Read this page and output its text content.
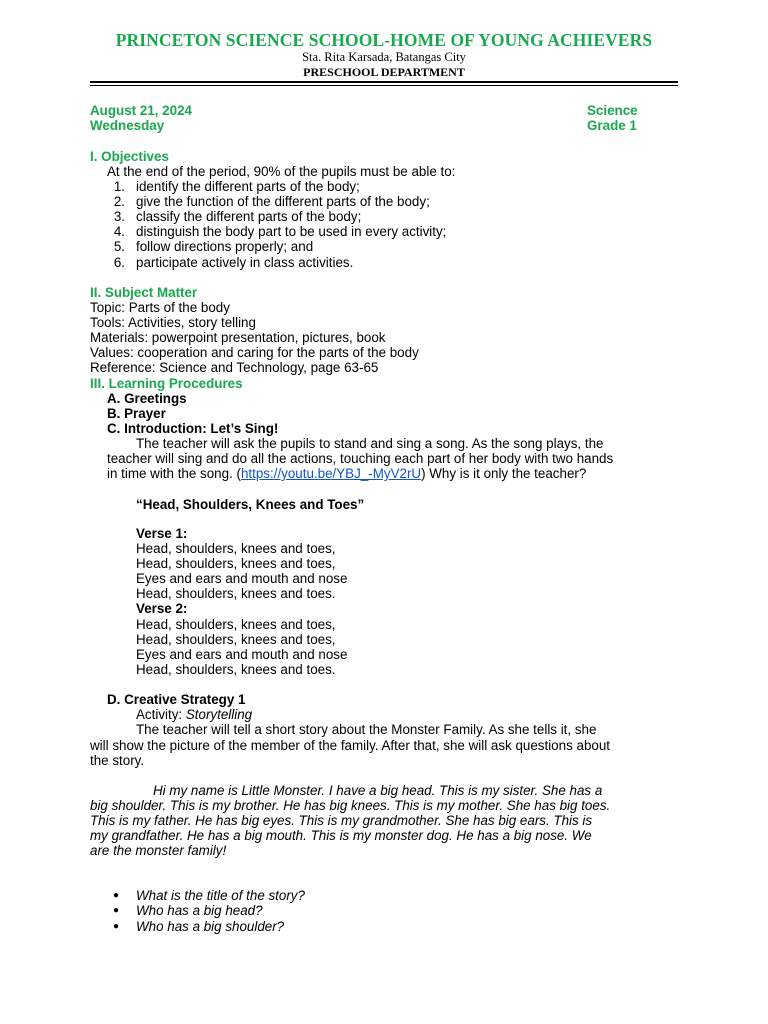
PRINCETON SCIENCE SCHOOL-HOME OF YOUNG ACHIEVERS
Sta. Rita Karsada, Batangas City
PRESCHOOL DEPARTMENT
August 21, 2024
Wednesday
Science
Grade 1
I. Objectives
At the end of the period, 90% of the pupils must be able to:
1. identify the different parts of the body;
2. give the function of the different parts of the body;
3. classify the different parts of the body;
4. distinguish the body part to be used in every activity;
5. follow directions properly; and
6. participate actively in class activities.
II. Subject Matter
Topic: Parts of the body
Tools: Activities, story telling
Materials: powerpoint presentation, pictures, book
Values: cooperation and caring for the parts of the body
Reference: Science and Technology, page 63-65
III. Learning Procedures
A. Greetings
B. Prayer
C. Introduction: Let’s Sing!
The teacher will ask the pupils to stand and sing a song. As the song plays, the
teacher will sing and do all the actions, touching each part of her body with two hands
in time with the song. (https://youtu.be/YBJ_-MyV2rU) Why is it only the teacher?
“Head, Shoulders, Knees and Toes”
Verse 1:
Head, shoulders, knees and toes,
Head, shoulders, knees and toes,
Eyes and ears and mouth and nose
Head, shoulders, knees and toes.
Verse 2:
Head, shoulders, knees and toes,
Head, shoulders, knees and toes,
Eyes and ears and mouth and nose
Head, shoulders, knees and toes.
D. Creative Strategy 1
Activity: Storytelling
The teacher will tell a short story about the Monster Family. As she tells it, she
will show the picture of the member of the family. After that, she will ask questions about
the story.
Hi my name is Little Monster. I have a big head. This is my sister. She has a
big shoulder. This is my brother. He has big knees. This is my mother. She has big toes.
This is my father. He has big eyes. This is my grandmother. She has big ears. This is
my grandfather. He has a big mouth. This is my monster dog. He has a big nose. We
are the monster family!
● What is the title of the story?
● Who has a big head?
● Who has a big shoulder?
